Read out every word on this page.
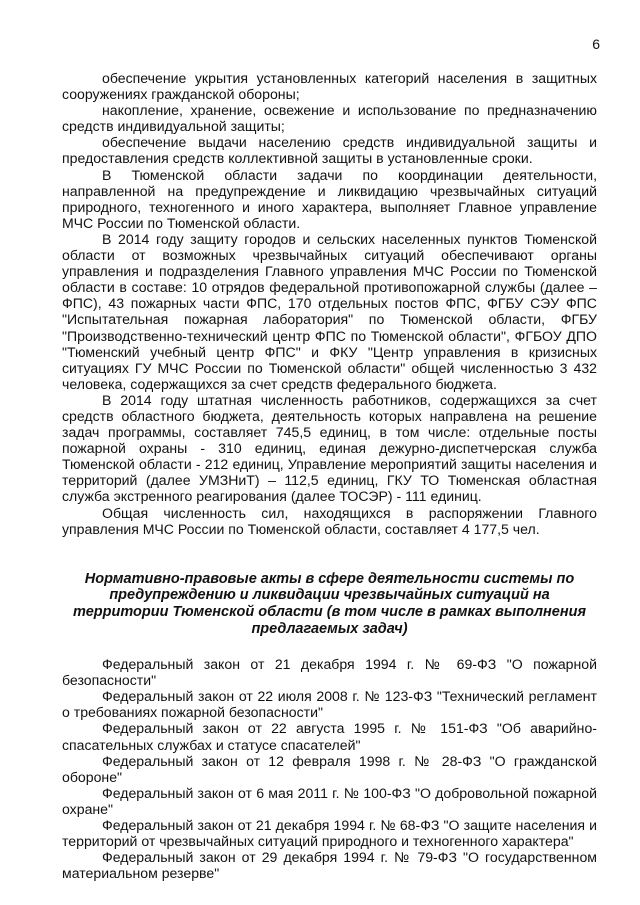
6

обеспечение укрытия установленных категорий населения в защитных сооружениях гражданской обороны;

накопление, хранение, освежение и использование по предназначению средств индивидуальной защиты;

обеспечение выдачи населению средств индивидуальной защиты и предоставления средств коллективной защиты в установленные сроки.

В Тюменской области задачи по координации деятельности, направленной на предупреждение и ликвидацию чрезвычайных ситуаций природного, техногенного и иного характера, выполняет Главное управление МЧС России по Тюменской области.

В 2014 году защиту городов и сельских населенных пунктов Тюменской области от возможных чрезвычайных ситуаций обеспечивают органы управления и подразделения Главного управления МЧС России по Тюменской области в составе: 10 отрядов федеральной противопожарной службы (далее – ФПС), 43 пожарных части ФПС, 170 отдельных постов ФПС, ФГБУ СЭУ ФПС "Испытательная пожарная лаборатория" по Тюменской области, ФГБУ "Производственно-технический центр ФПС по Тюменской области", ФГБОУ ДПО "Тюменский учебный центр ФПС" и ФКУ "Центр управления в кризисных ситуациях ГУ МЧС России по Тюменской области" общей численностью 3 432 человека, содержащихся за счет средств федерального бюджета.

В 2014 году штатная численность работников, содержащихся за счет средств областного бюджета, деятельность которых направлена на решение задач программы, составляет 745,5 единиц, в том числе: отдельные посты пожарной охраны - 310 единиц, единая дежурно-диспетчерская служба Тюменской области - 212 единиц, Управление мероприятий защиты населения и территорий (далее УМЗНиТ) – 112,5 единиц, ГКУ ТО Тюменская областная служба экстренного реагирования (далее ТОСЭР) - 111 единиц.

Общая численность сил, находящихся в распоряжении Главного управления МЧС России по Тюменской области, составляет 4 177,5 чел.

Нормативно-правовые акты в сфере деятельности системы по предупреждению и ликвидации чрезвычайных ситуаций на территории Тюменской области (в том числе в рамках выполнения предлагаемых задач)

Федеральный закон от 21 декабря 1994 г. № 69-ФЗ "О пожарной безопасности"

Федеральный закон от 22 июля 2008 г. № 123-ФЗ "Технический регламент о требованиях пожарной безопасности"

Федеральный закон от 22 августа 1995 г. № 151-ФЗ "Об аварийно-спасательных службах и статусе спасателей"

Федеральный закон от 12 февраля 1998 г. № 28-ФЗ "О гражданской обороне"

Федеральный закон от 6 мая 2011 г. № 100-ФЗ "О добровольной пожарной охране"

Федеральный закон от 21 декабря 1994 г. № 68-ФЗ "О защите населения и территорий от чрезвычайных ситуаций природного и техногенного характера"

Федеральный закон от 29 декабря 1994 г. № 79-ФЗ "О государственном материальном резерве"
